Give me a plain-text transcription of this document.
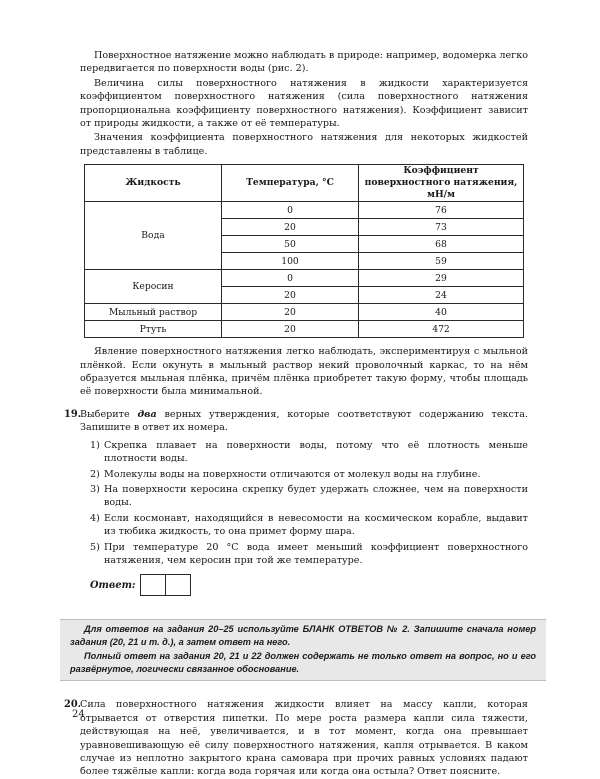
Поверхностное натяжение можно наблюдать в природе: например, водомерка легко передвигается по поверхности воды (рис. 2).

Величина силы поверхностного натяжения в жидкости характеризуется коэффициентом поверхностного натяжения (сила поверхностного натяжения пропорциональна коэффициенту поверхностного натяжения). Коэффициент зависит от природы жидкости, а также от её температуры.

Значения коэффициента поверхностного натяжения для некоторых жидкостей представлены в таблице.

Жидкость	Температура, °С	Коэффициент поверхностного натяжения, мН/м
Вода	0	76
	20	73
	50	68
	100	59
Керосин	0	29
	20	24
Мыльный раствор	20	40
Ртуть	20	472

Явление поверхностного натяжения легко наблюдать, экспериментируя с мыльной плёнкой. Если окунуть в мыльный раствор некий проволочный каркас, то на нём образуется мыльная плёнка, причём плёнка приобретет такую форму, чтобы площадь её поверхности была минимальной.

19.

Выберите два верных утверждения, которые соответствуют содержанию текста. Запишите в ответ их номера.

1) Скрепка плавает на поверхности воды, потому что её плотность меньше плотности воды.
2) Молекулы воды на поверхности отличаются от молекул воды на глубине.
3) На поверхности керосина скрепку будет удержать сложнее, чем на поверхности воды.
4) Если космонавт, находящийся в невесомости на космическом корабле, выдавит из тюбика жидкость, то она примет форму шара.
5) При температуре 20 °С вода имеет меньший коэффициент поверхностного натяжения, чем керосин при той же температуре.
Ответ:

Для ответов на задания 20–25 используйте БЛАНК ОТВЕТОВ № 2. Запишите сначала номер задания (20, 21 и т. д.), а затем ответ на него.

Полный ответ на задания 20, 21 и 22 должен содержать не только ответ на вопрос, но и его развёрнутое, логически связанное обоснование.

20.

Сила поверхностного натяжения жидкости влияет на массу капли, которая отрывается от отверстия пипетки. По мере роста размера капли сила тяжести, действующая на неё, увеличивается, и в тот момент, когда она превышает уравновешивающую её силу поверхностного натяжения, капля отрывается. В каком случае из неплотно закрытого крана самовара при прочих равных условиях падают более тяжёлые капли: когда вода горячая или когда она остыла? Ответ поясните.

24
